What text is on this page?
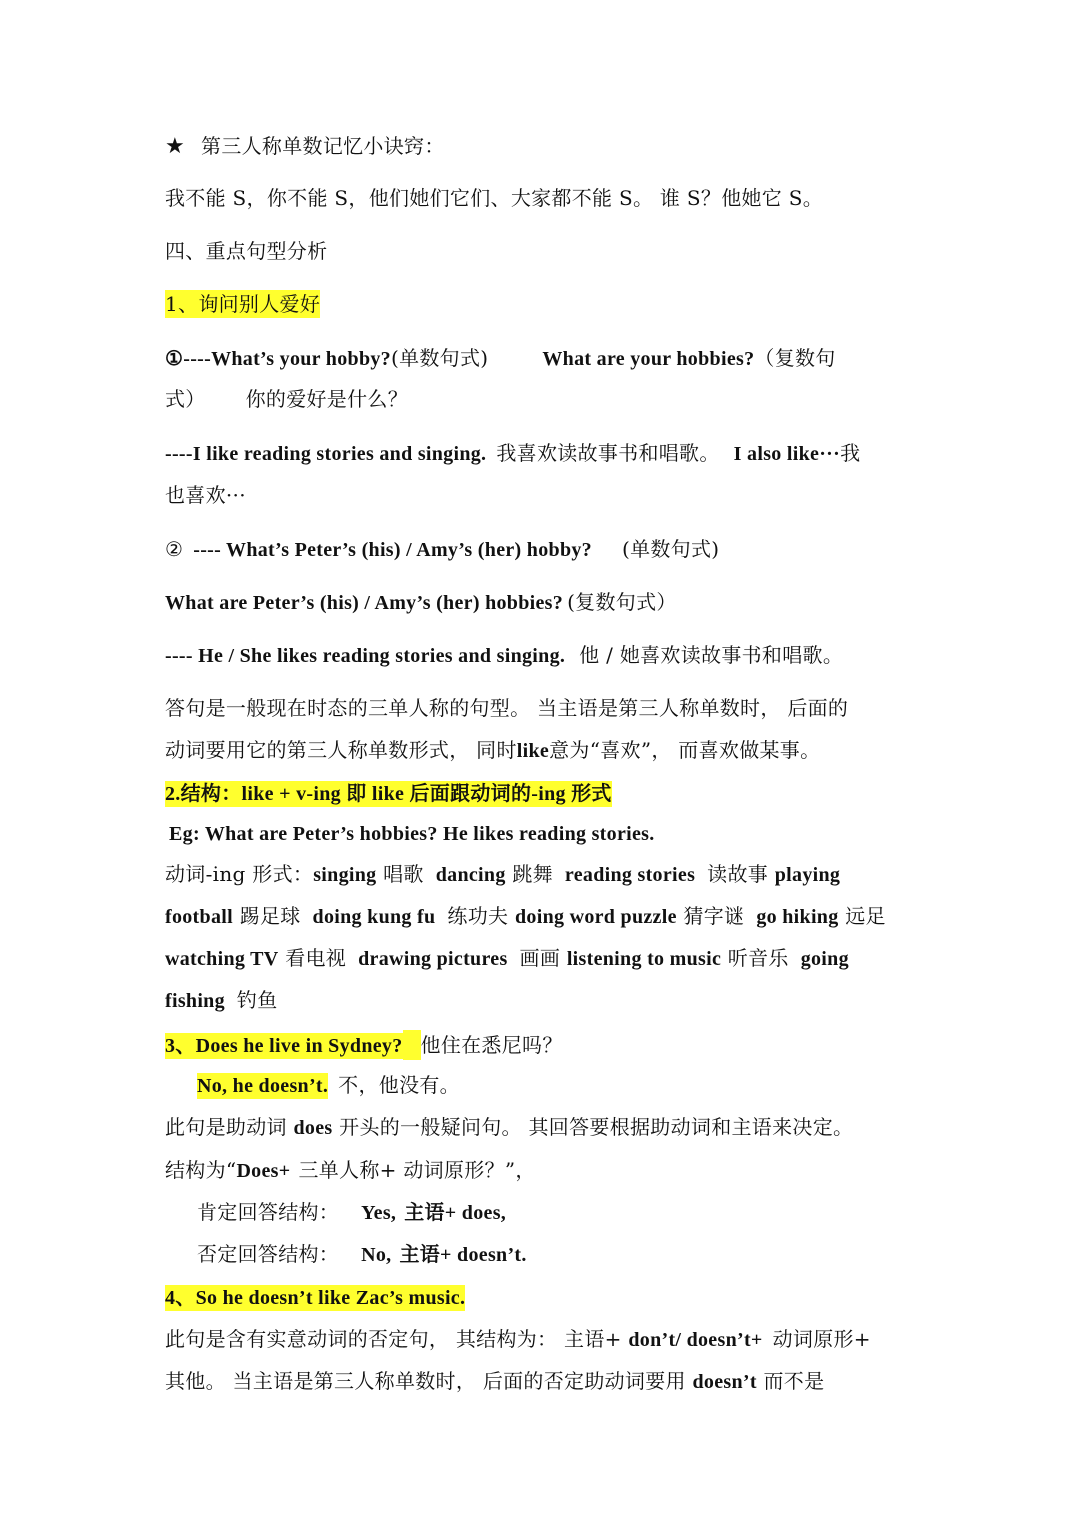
★ 第三人称单数记忆小诀窍：
我不能 S，你不能 S，他们她们它们、大家都不能 S。 谁 S？他她它 S。
四、重点句型分析
1、询问别人爱好
①----What’s your hobby?(单数句式)	What are your hobbies?（复数句
式） 你的爱好是什么？
----I like reading stories and singing. 我喜欢读故事书和唱歌。 I also like···我
也喜欢···
② ---- What’s Peter’s (his) / Amy’s (her) hobby? (单数句式)
What are Peter’s (his) / Amy’s (her) hobbies? (复数句式）
---- He / She likes reading stories and singing. 他 / 她喜欢读故事书和唱歌。
答句是一般现在时态的三单人称的句型。 当主语是第三人称单数时， 后面的
动词要用它的第三人称单数形式， 同时like意为“喜欢”， 而喜欢做某事。
2.结构：like + v-ing 即 like 后面跟动词的-ing 形式
Eg: What are Peter’s hobbies? He likes reading stories.
动词-ing 形式：singing 唱歌 dancing 跳舞 reading stories 读故事 playing
football 踢足球 doing kung fu 练功夫 doing word puzzle 猜字谜 go hiking 远足
watching TV 看电视 drawing pictures 画画 listening to music 听音乐 going
fishing 钓鱼
3、Does he live in Sydney? 他住在悉尼吗？
No, he doesn’t. 不，他没有。
此句是助动词 does 开头的一般疑问句。 其回答要根据助动词和主语来决定。
结构为“Does+ 三单人称+ 动词原形？”，
肯定回答结构： Yes, 主语+ does,
否定回答结构： No, 主语+ doesn’t.
4、So he doesn’t like Zac’s music.
此句是含有实意动词的否定句， 其结构为： 主语+ don’t/ doesn’t+ 动词原形+
其他。 当主语是第三人称单数时， 后面的否定助动词要用 doesn’t 而不是
